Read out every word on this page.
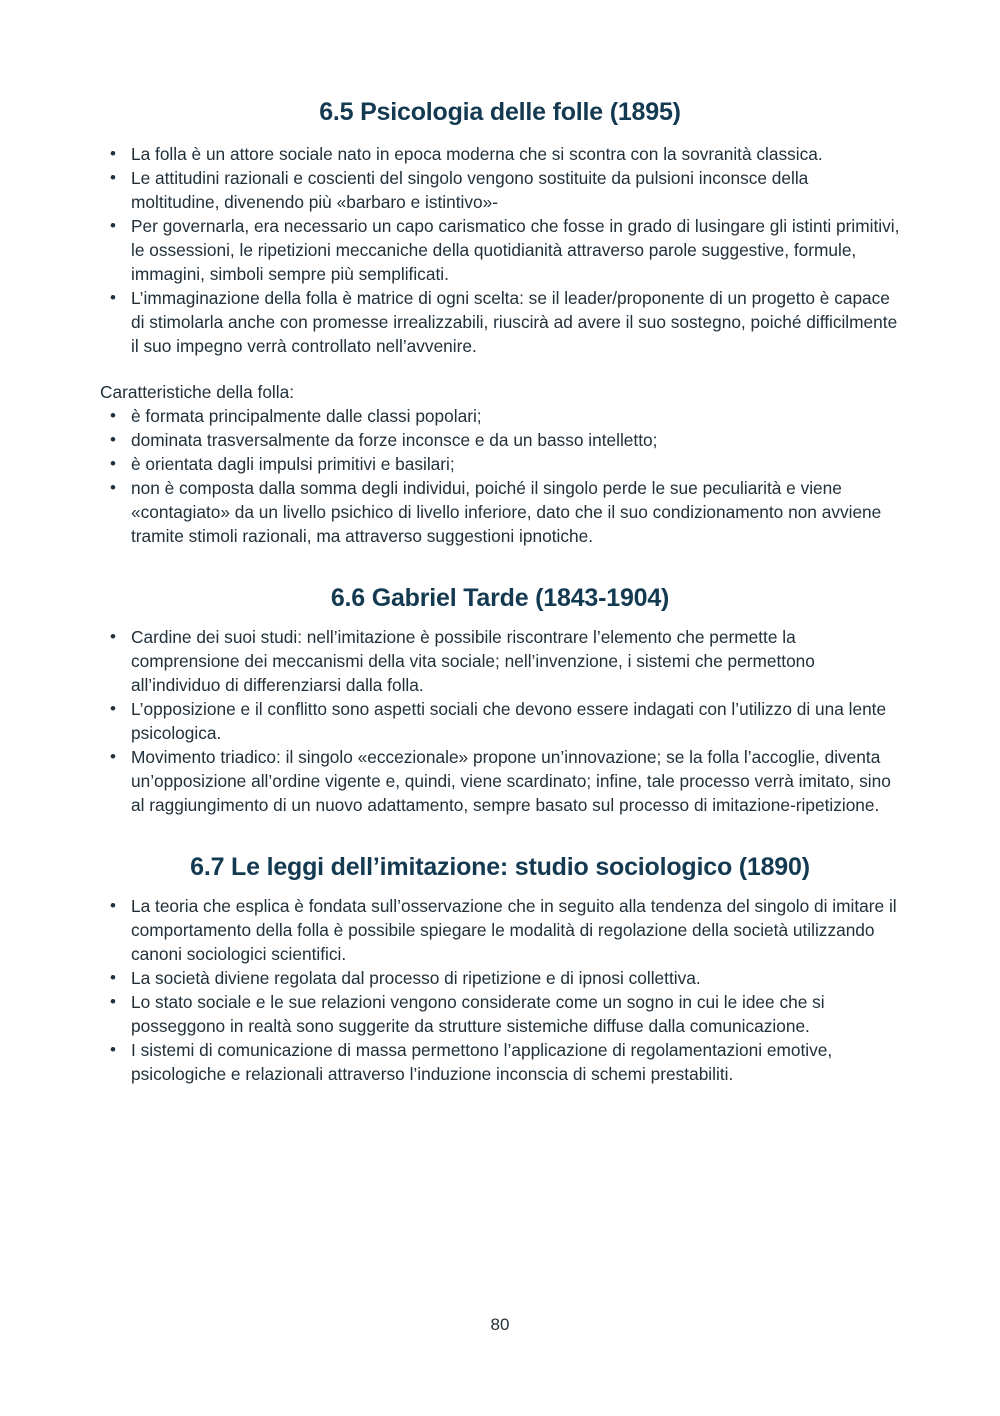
6.5 Psicologia delle folle (1895)
• La folla è un attore sociale nato in epoca moderna che si scontra con la sovranità classica.
• Le attitudini razionali e coscienti del singolo vengono sostituite da pulsioni inconsce della moltitudine, divenendo più «barbaro e istintivo»-
• Per governarla, era necessario un capo carismatico che fosse in grado di lusingare gli istinti primitivi, le ossessioni, le ripetizioni meccaniche della quotidianità attraverso parole suggestive, formule, immagini, simboli sempre più semplificati.
• L’immaginazione della folla è matrice di ogni scelta: se il leader/proponente di un progetto è capace di stimolarla anche con promesse irrealizzabili, riuscirà ad avere il suo sostegno, poiché difficilmente il suo impegno verrà controllato nell’avvenire.

Caratteristiche della folla:

• è formata principalmente dalle classi popolari;
• dominata trasversalmente da forze inconsce e da un basso intelletto;
• è orientata dagli impulsi primitivi e basilari;
• non è composta dalla somma degli individui, poiché il singolo perde le sue peculiarità e viene «contagiato» da un livello psichico di livello inferiore, dato che il suo condizionamento non avviene tramite stimoli razionali, ma attraverso suggestioni ipnotiche.
6.6 Gabriel Tarde (1843-1904)
• Cardine dei suoi studi: nell’imitazione è possibile riscontrare l’elemento che permette la comprensione dei meccanismi della vita sociale; nell’invenzione, i sistemi che permettono all’individuo di differenziarsi dalla folla.
• L’opposizione e il conflitto sono aspetti sociali che devono essere indagati con l’utilizzo di una lente psicologica.
• Movimento triadico: il singolo «eccezionale» propone un’innovazione; se la folla l’accoglie, diventa un’opposizione all’ordine vigente e, quindi, viene scardinato; infine, tale processo verrà imitato, sino al raggiungimento di un nuovo adattamento, sempre basato sul processo di imitazione-ripetizione.
6.7 Le leggi dell’imitazione: studio sociologico (1890)
• La teoria che esplica è fondata sull’osservazione che in seguito alla tendenza del singolo di imitare il comportamento della folla è possibile spiegare le modalità di regolazione della società utilizzando canoni sociologici scientifici.
• La società diviene regolata dal processo di ripetizione e di ipnosi collettiva.
• Lo stato sociale e le sue relazioni vengono considerate come un sogno in cui le idee che si posseggono in realtà sono suggerite da strutture sistemiche diffuse dalla comunicazione.
• I sistemi di comunicazione di massa permettono l’applicazione di regolamentazioni emotive, psicologiche e relazionali attraverso l’induzione inconscia di schemi prestabiliti.
80
